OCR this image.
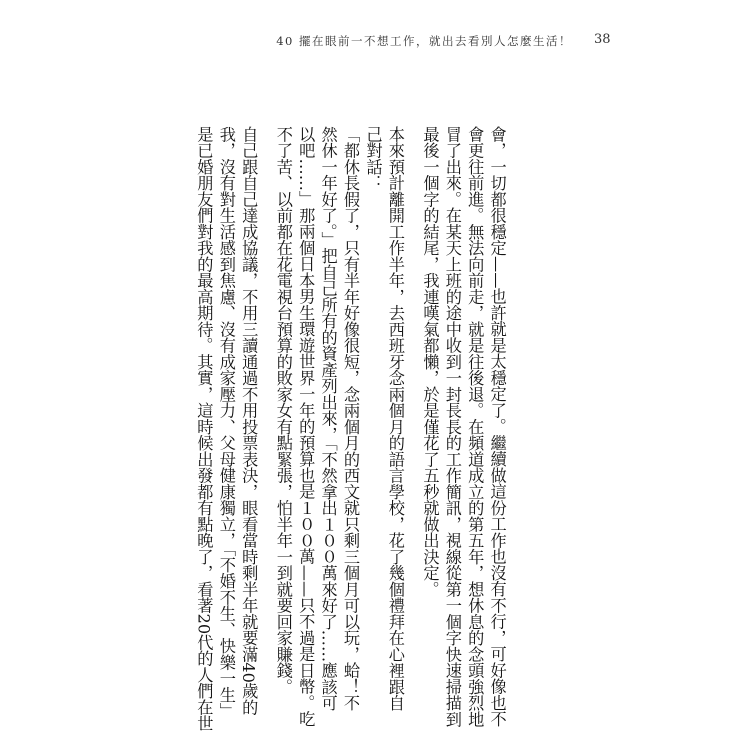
40 擺在眼前一不想工作，就出去看別人怎麼生活！ 38
會，一切都很穩定——也許就是太穩定了。繼續做這份工作也沒有不行，可好像也不
會更往前進。無法向前走，就是往後退。在頻道成立的第五年，想休息的念頭強烈地
冒了出來。在某天上班的途中收到一封長長的工作簡訊，視線從第一個字快速掃描到
最後一個字的結尾，我連嘆氣都懶，於是僅花了五秒就做出決定。
本來預計離開工作半年，去西班牙念兩個月的語言學校，花了幾個禮拜在心裡跟自
己對話：
「都休長假了，只有半年好像很短，念兩個月的西文就只剩三個月可以玩，蛤！不
然休一年好了。」把自己所有的資產列出來，「不然拿出１００萬來好了……應該可
以吧……」那兩個日本男生環遊世界一年的預算也是１００萬——只不過是日幣。吃
不了苦、以前都在花電視台預算的敗家女有點緊張，怕半年一到就要回家賺錢。
自己跟自己達成協議，不用三讀通過不用投票表決，眼看當時剩半年就要滿40歲的
我，沒有對生活感到焦慮、沒有成家壓力、父母健康獨立，「不婚不生、快樂一生」
是已婚朋友們對我的最高期待。其實，這時候出發都有點晚了，看著20代的人們在世
